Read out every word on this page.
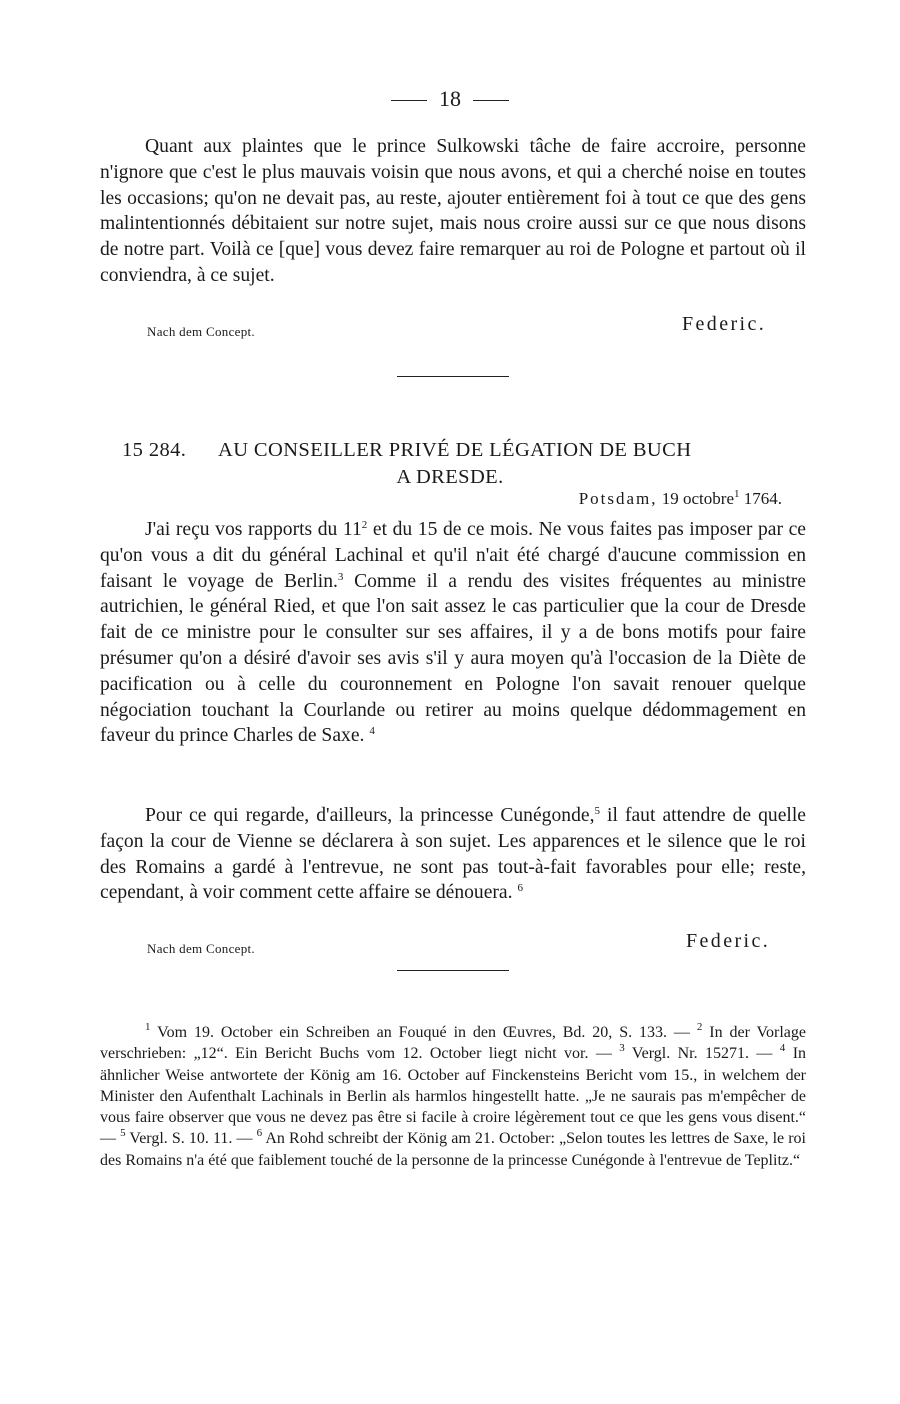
18

Quant aux plaintes que le prince Sulkowski tâche de faire accroire, personne n'ignore que c'est le plus mauvais voisin que nous avons, et qui a cherché noise en toutes les occasions; qu'on ne devait pas, au reste, ajouter entièrement foi à tout ce que des gens malintentionnés débitaient sur notre sujet, mais nous croire aussi sur ce que nous disons de notre part. Voilà ce [que] vous devez faire remarquer au roi de Pologne et partout où il conviendra, à ce sujet.

Nach dem Concept.	Federic.
15 284. AU CONSEILLER PRIVÉ DE LÉGATION DE BUCH
A DRESDE.
Potsdam, 19 octobre$^1$ 1764.

J'ai reçu vos rapports du $11^2$ et du 15 de ce mois. Ne vous faites pas imposer par ce qu'on vous a dit du général Lachinal et qu'il n'ait été chargé d'aucune commission en faisant le voyage de Berlin.$^3$ Comme il a rendu des visites fréquentes au ministre autrichien, le général Ried, et que l'on sait assez le cas particulier que la cour de Dresde fait de ce ministre pour le consulter sur ses affaires, il y a de bons motifs pour faire présumer qu'on a désiré d'avoir ses avis s'il y aura moyen qu'à l'occasion de la Diète de pacification ou à celle du couronnement en Pologne l'on savait renouer quelque négociation touchant la Courlande ou retirer au moins quelque dédommagement en faveur du prince Charles de Saxe. $^4$

Pour ce qui regarde, d'ailleurs, la princesse Cunégonde,$^5$ il faut attendre de quelle façon la cour de Vienne se déclarera à son sujet. Les apparences et le silence que le roi des Romains a gardé à l'entrevue, ne sont pas tout-à-fait favorables pour elle; reste, cependant, à voir comment cette affaire se dénouera. $^6$

Nach dem Concept.	Federic.

$^1$ Vom 19. October ein Schreiben an Fouqué in den Œuvres, Bd. 20, S. 133. — $^2$ In der Vorlage verschrieben: „12“. Ein Bericht Buchs vom 12. October liegt nicht vor. — $^3$ Vergl. Nr. 15271. — $^4$ In ähnlicher Weise antwortete der König am 16. October auf Finckensteins Bericht vom 15., in welchem der Minister den Aufenthalt Lachinals in Berlin als harmlos hingestellt hatte. „Je ne saurais pas m'empêcher de vous faire observer que vous ne devez pas être si facile à croire légèrement tout ce que les gens vous disent.“ — $^5$ Vergl. S. 10. 11. — $^6$ An Rohd schreibt der König am 21. October: „Selon toutes les lettres de Saxe, le roi des Romains n'a été que faiblement touché de la personne de la princesse Cunégonde à l'entrevue de Teplitz.“
